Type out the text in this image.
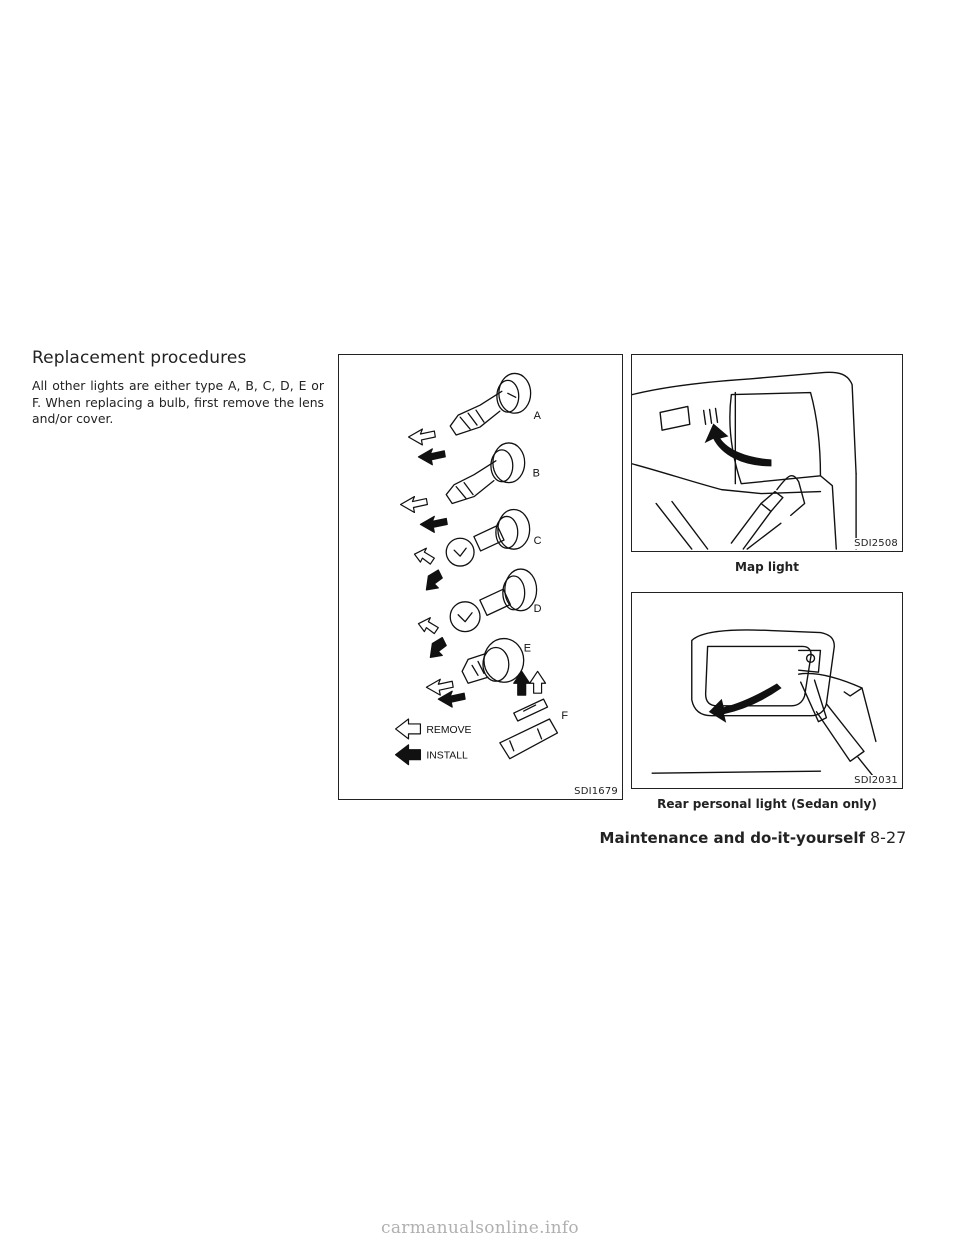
Replacement procedures

All other lights are either type A, B, C, D, E or F. When replacing a bulb, first remove the lens and/or cover.	A
B
C
D
E
F
REMOVE
INSTALL
SDI1679
SDI2508
Map light
SDI2031
Rear personal light (Sedan only)
Maintenance and do-it-yourself 8-27
carmanualsonline.info
